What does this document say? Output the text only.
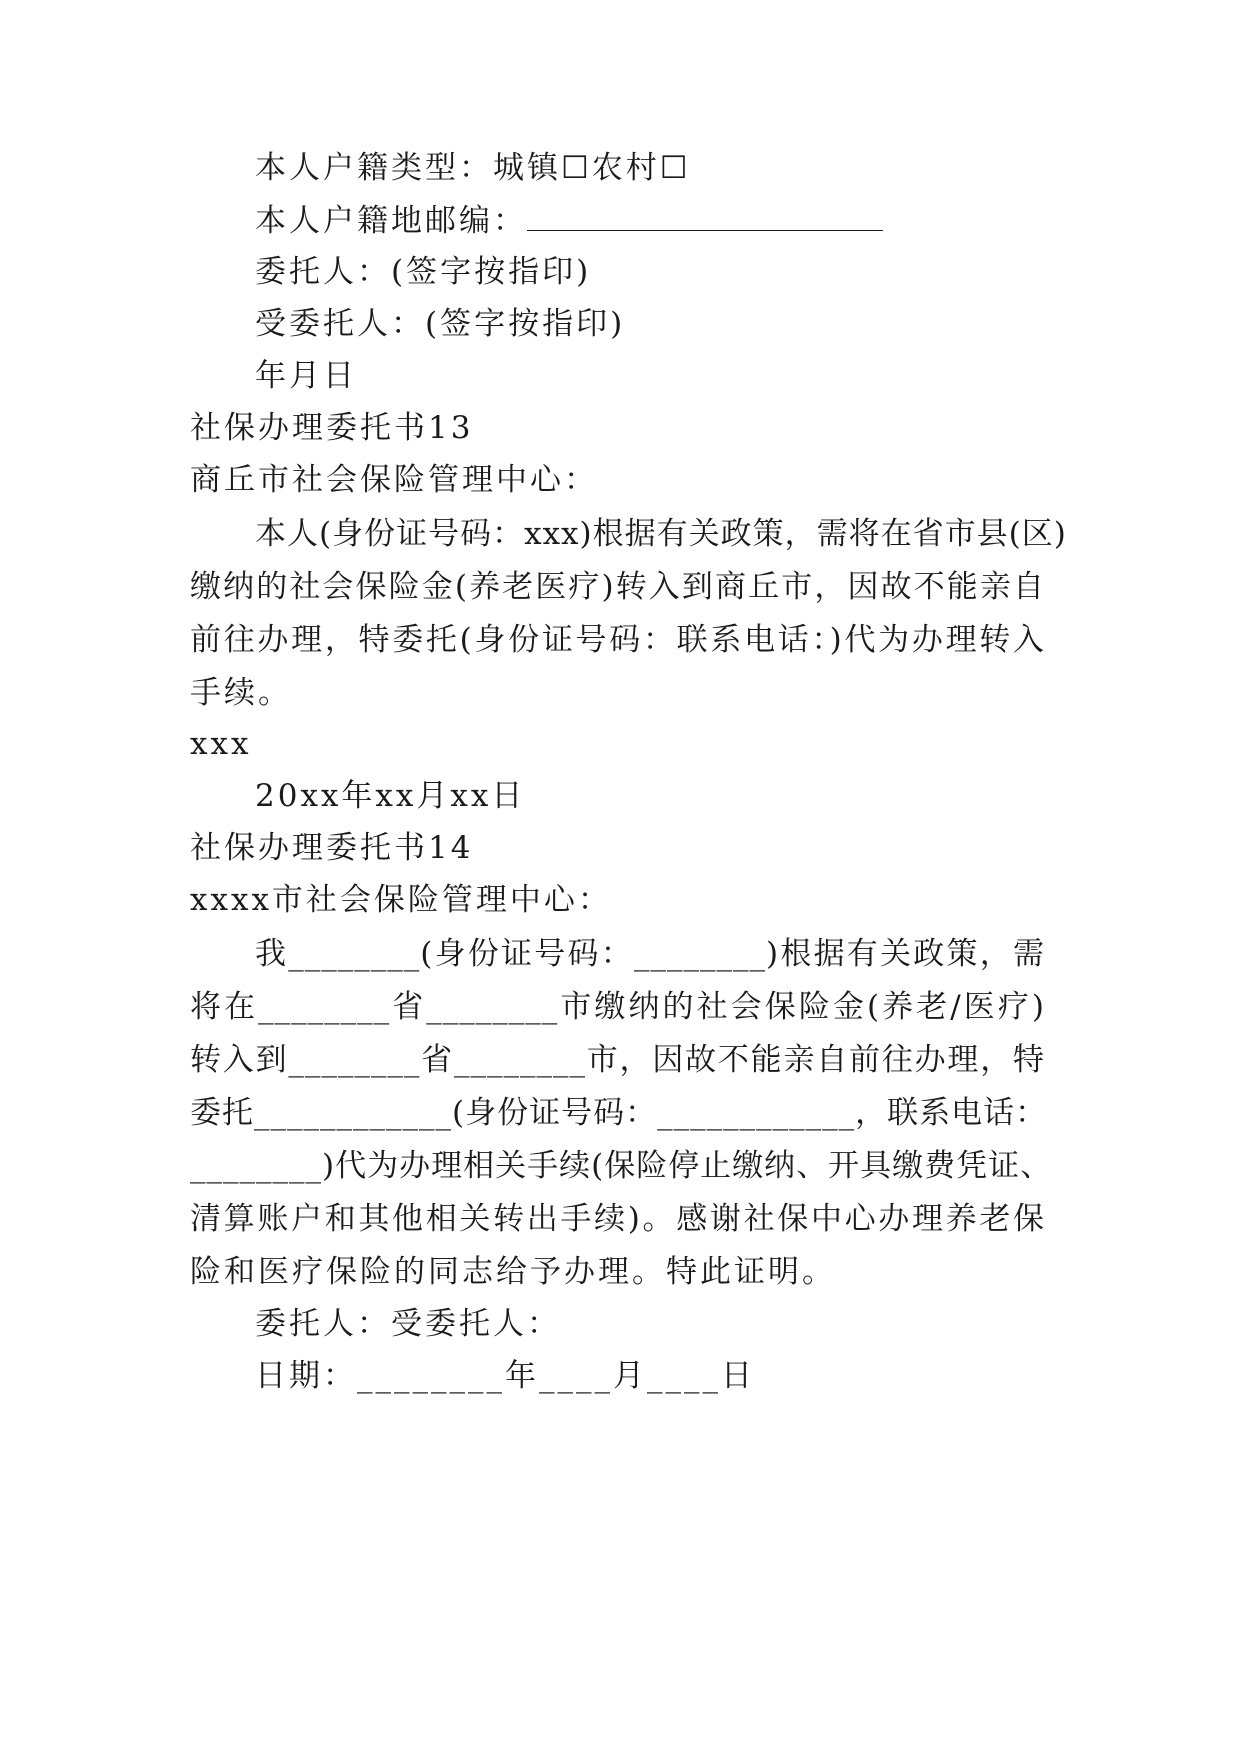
本人户籍类型：城镇☐农村☐
本人户籍地邮编：
委托人：(签字按指印)
受委托人：(签字按指印)
年月日
社保办理委托书13
商丘市社会保险管理中心：
本人(身份证号码：xxx)根据有关政策，需将在省市县(区)
缴纳的社会保险金(养老医疗)转入到商丘市，因故不能亲自
前往办理，特委托(身份证号码：联系电话：)代为办理转入
手续。
xxx
20xx年xx月xx日
社保办理委托书14
xxxx市社会保险管理中心：
我________(身份证号码：________)根据有关政策，需
将在________省________市缴纳的社会保险金(养老/医疗)
转入到________省________市，因故不能亲自前往办理，特
委托____________(身份证号码：____________，联系电话：
________)代为办理相关手续(保险停止缴纳、开具缴费凭证、
清算账户和其他相关转出手续)。感谢社保中心办理养老保
险和医疗保险的同志给予办理。特此证明。
委托人：受委托人：
日期：________年____月____日
